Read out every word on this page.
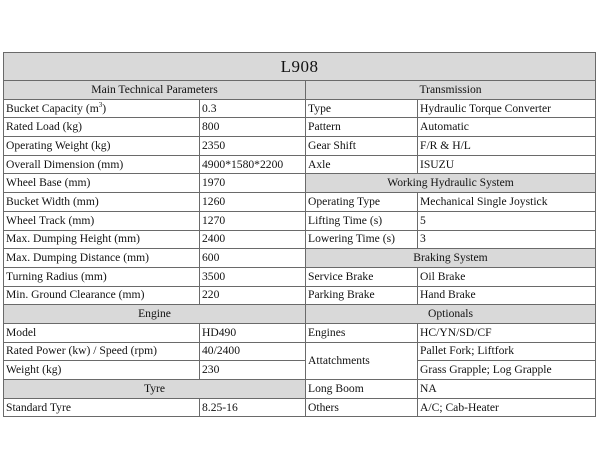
L908			
Main Technical Parameters		Transmission	
Bucket Capacity $(m^3)$	0.3	Type	Hydraulic Torque Converter
Rated Load (kg)	800	Pattern	Automatic
Operating Weight (kg)	2350	Gear Shift	F/R & H/L
Overall Dimension (mm)	4900*1580*2200	Axle	ISUZU
Wheel Base (mm)	1970	Working Hydraulic System	
Bucket Width (mm)	1260	Operating Type	Mechanical Single Joystick
Wheel Track (mm)	1270	Lifting Time (s)	5
Max. Dumping Height (mm)	2400	Lowering Time (s)	3
Max. Dumping Distance (mm)	600	Braking System	
Turning Radius (mm)	3500	Service Brake	Oil Brake
Min. Ground Clearance (mm)	220	Parking Brake	Hand Brake
Engine		Optionals	
Model	HD490	Engines	HC/YN/SD/CF
Rated Power (kw) / Speed (rpm)	40/2400	Attatchments	Pallet Fork; Liftfork
Weight (kg)	230		Grass Grapple; Log Grapple
Tyre		Long Boom	NA
Standard Tyre	8.25-16	Others	A/C; Cab-Heater
